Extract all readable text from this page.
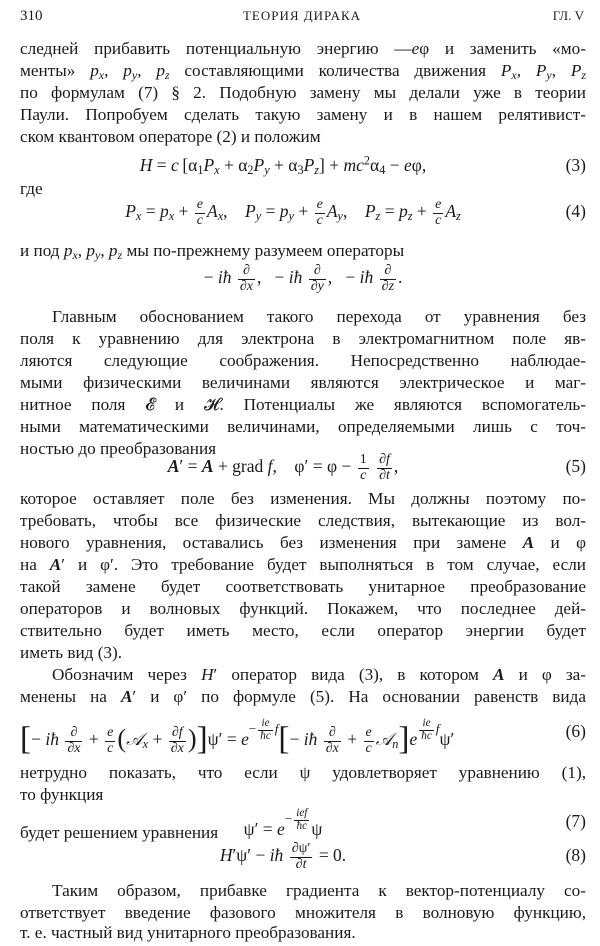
310	ТЕОРИЯ ДИРАКА	ГЛ. V
следней прибавить потенциальную энергию —eφ и заменить «мо-
менты» $p_x$, $p_y$, $p_z$ составляющими количества движения $P_x$, $P_y$, $P_z$
по формулам (7) § 2. Подобную замену мы делали уже в теории
Паули. Попробуем сделать такую замену и в нашем релятивист-
ском квантовом операторе (2) и положим
H = c $[\alpha_1P_x + \alpha_2P_y + \alpha_3P_z] + mc^2\alpha_4 - e\varphi$,	(3)
где
$P_x = p_x + \frac{e}{c} A_x$,    $P_y = p_y + \frac{e}{c} A_y$,    $P_z = p_z + \frac{e}{c} A_z$	(4)
и под $p_x$, $p_y$, $p_z$ мы по-прежнему разумеем операторы
− iħ $\frac{\partial}{\partial x}$ ,   − iħ $\frac{\partial}{\partial y}$ ,   − iħ $\frac{\partial}{\partial z}$ .
Главным обоснованием такого перехода от уравнения без
поля к уравнению для электрона в электромагнитном поле яв-
ляются следующие соображения. Непосредственно наблюдае-
мыми физическими величинами являются электрическое и маг-
нитное поля 𝓔 и 𝓗. Потенциалы же являются вспомогатель-
ными математическими величинами, определяемыми лишь с точ-
ностью до преобразования
A′ = A + grad f,    $\varphi' = \varphi - \frac{1}{c}$
$\frac{\partial f}{\partial t}$ ,	(5)
которое оставляет поле без изменения. Мы должны поэтому по-
требовать, чтобы все физические следствия, вытекающие из вол-
нового уравнения, оставались без изменения при замене A и φ
на A′ и φ′. Это требование будет выполняться в том случае, если
такой замене будет соответствовать унитарное преобразование
операторов и волновых функций. Покажем, что последнее дей-
ствительно будет иметь место, если оператор энергии будет
иметь вид (3).
Обозначим через H′ оператор вида (3), в котором A и φ за-
менены на A′ и φ′ по формуле (5). На основании равенств вида
[− iħ $\frac{\partial}{\partial x} + \frac{e}{c}$ (𝒜$_x$ + $\frac{\partial f}{\partial x} )]\psi' = e^{- \frac{ie}{ħc} f}[-$ iħ $\frac{\partial}{\partial x} + \frac{e}{c}$ 𝒜$_n$]e $^{\frac{ie}{ħc} f}$ψ′	(6)
нетрудно показать, что если ψ удовлетворяет уравнению (1),
то функция
$\psi' = e^{- \frac{\text{ief}}{ħc}}$ ψ	(7)
будет решением уравнения
H′ψ′ − iħ $\frac{\partial\psi'}{\partial t} = 0$.	(8)
Таким образом, прибавке градиента к вектор-потенциалу со-
ответствует введение фазового множителя в волновую функцию,
т. е. частный вид унитарного преобразования.
